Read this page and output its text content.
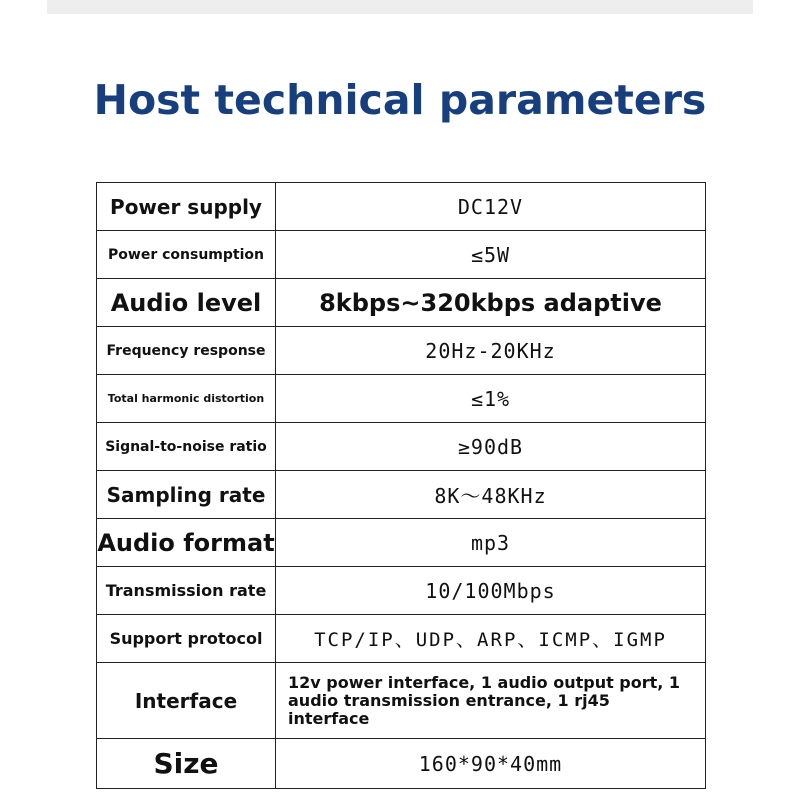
Host technical parameters
Power supply	DC12V
Power consumption	≤5W
Audio level	8kbps~320kbps adaptive
Frequency response	20Hz-20KHz
Total harmonic distortion	≤1%
Signal-to-noise ratio	≥90dB
Sampling rate	8K～48KHz
Audio format	mp3
Transmission rate	10/100Mbps
Support protocol	TCP/IP、UDP、ARP、ICMP、IGMP
Interface	12v power interface, 1 audio output port, 1 audio transmission entrance, 1 rj45 interface
Size	160*90*40mm
